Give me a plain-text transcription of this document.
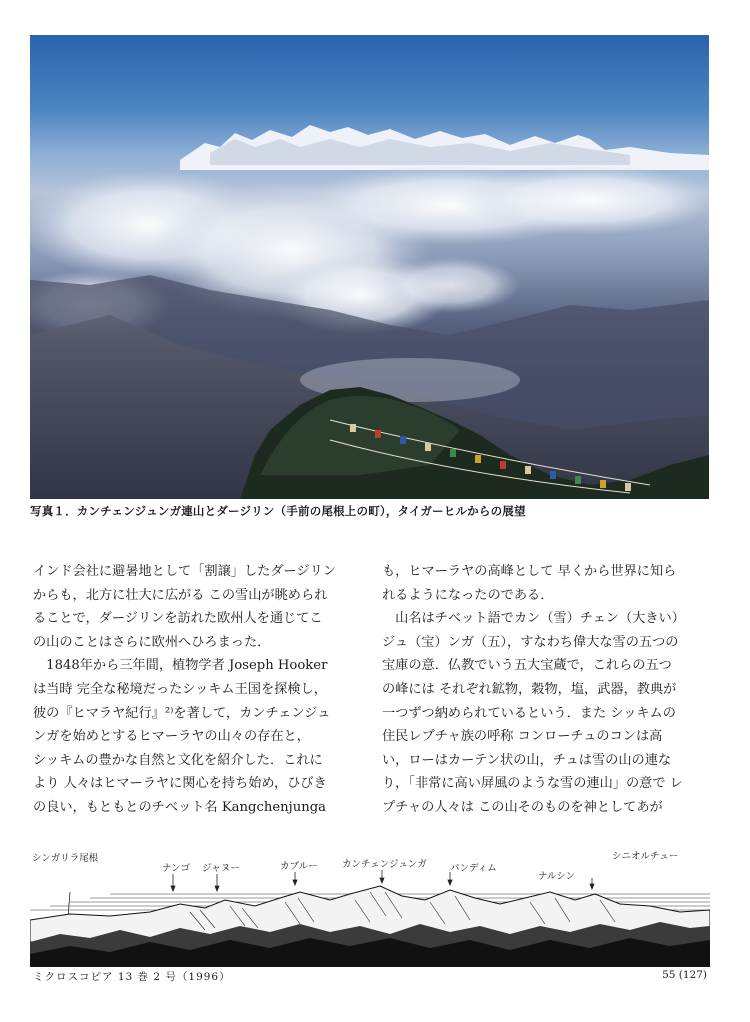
写真１．カンチェンジュンガ連山とダージリン（手前の尾根上の町），タイガーヒルからの展望
インド会社に避暑地として「割譲」したダージリン
からも，北方に壮大に広がる この雪山が眺められ
ることで，ダージリンを訪れた欧州人を通じてこ
の山のことはさらに欧州へひろまった．
　1848年から三年間，植物学者 Joseph Hooker
は当時 完全な秘境だったシッキム王国を探検し，
彼の『ヒマラヤ紀行』²⁾を著して，カンチェンジュ
ンガを始めとするヒマーラヤの山々の存在と，
シッキムの豊かな自然と文化を紹介した．これに
より 人々はヒマーラヤに関心を持ち始め，ひびき
の良い，もともとのチベット名 Kangchenjunga
も，ヒマーラヤの高峰として 早くから世界に知ら
れるようになったのである．
　山名はチベット語でカン（雪）チェン（大きい）
ジュ（宝）ンガ（五），すなわち偉大な雪の五つの
宝庫の意．仏教でいう五大宝蔵で，これらの五つ
の峰には それぞれ鉱物，穀物，塩，武器，教典が
一つずつ納められているという．また シッキムの
住民レプチャ族の呼称 コンローチュのコンは高
い，ローはカーテン状の山，チュは雪の山の連な
り，「非常に高い屏風のような雪の連山」の意で レ
プチャの人々は この山そのものを神としてあが
シンガリラ尾根
ナンゴ ジャヌー	カブルー	カンチェンジュンガ パンディム
ナルシン
シニオルチュー
ミクロスコピア 13 巻 2 号（1996）	55 (127)
